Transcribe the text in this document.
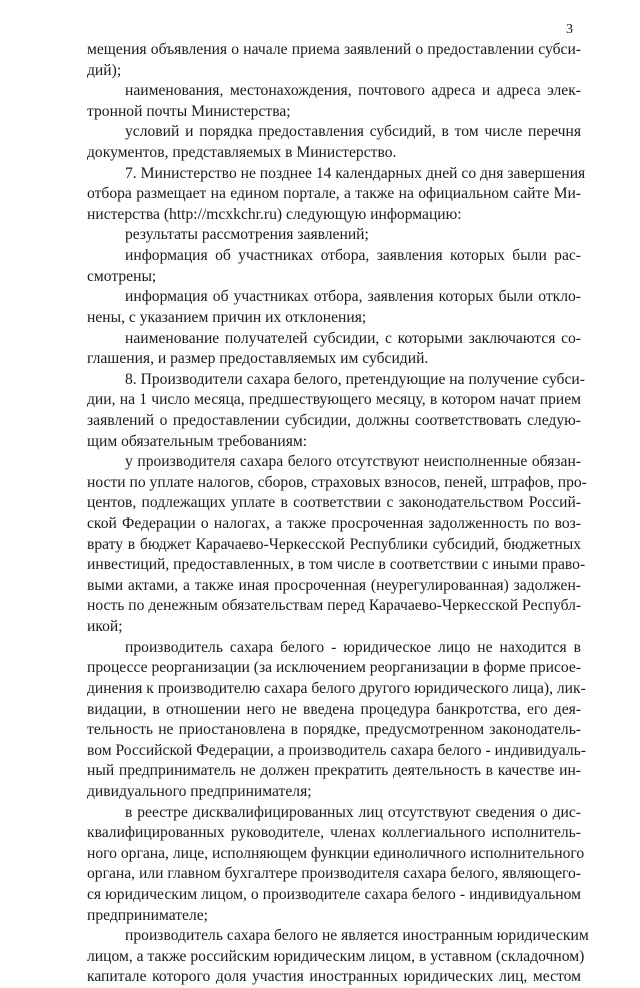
3
мещения объявления о начале приема заявлений о предоставлении субси-
дий);
наименования, местонахождения, почтового адреса и адреса элек-
тронной почты Министерства;
условий и порядка предоставления субсидий, в том числе перечня
документов, представляемых в Министерство.
7. Министерство не позднее 14 календарных дней со дня завершения
отбора размещает на едином портале, а также на официальном сайте Ми-
нистерства (http://mcxkchr.ru) следующую информацию:
результаты рассмотрения заявлений;
информация об участниках отбора, заявления которых были рас-
смотрены;
информация об участниках отбора, заявления которых были откло-
нены, с указанием причин их отклонения;
наименование получателей субсидии, с которыми заключаются со-
глашения, и размер предоставляемых им субсидий.
8. Производители сахара белого, претендующие на получение субси-
дии, на 1 число месяца, предшествующего месяцу, в котором начат прием
заявлений о предоставлении субсидии, должны соответствовать следую-
щим обязательным требованиям:
у производителя сахара белого отсутствуют неисполненные обязан-
ности по уплате налогов, сборов, страховых взносов, пеней, штрафов, про-
центов, подлежащих уплате в соответствии с законодательством Россий-
ской Федерации о налогах, а также просроченная задолженность по воз-
врату в бюджет Карачаево-Черкесской Республики субсидий, бюджетных
инвестиций, предоставленных, в том числе в соответствии с иными право-
выми актами, а также иная просроченная (неурегулированная) задолжен-
ность по денежным обязательствам перед Карачаево-Черкесской Республ-
икой;
производитель сахара белого - юридическое лицо не находится в
процессе реорганизации (за исключением реорганизации в форме присое-
динения к производителю сахара белого другого юридического лица), лик-
видации, в отношении него не введена процедура банкротства, его дея-
тельность не приостановлена в порядке, предусмотренном законодатель-
вом Российской Федерации, а производитель сахара белого - индивидуаль-
ный предприниматель не должен прекратить деятельность в качестве ин-
дивидуального предпринимателя;
в реестре дисквалифицированных лиц отсутствуют сведения о дис-
квалифицированных руководителе, членах коллегиального исполнитель-
ного органа, лице, исполняющем функции единоличного исполнительного
органа, или главном бухгалтере производителя сахара белого, являющего-
ся юридическим лицом, о производителе сахара белого - индивидуальном
предпринимателе;
производитель сахара белого не является иностранным юридическим
лицом, а также российским юридическим лицом, в уставном (складочном)
капитале которого доля участия иностранных юридических лиц, местом
